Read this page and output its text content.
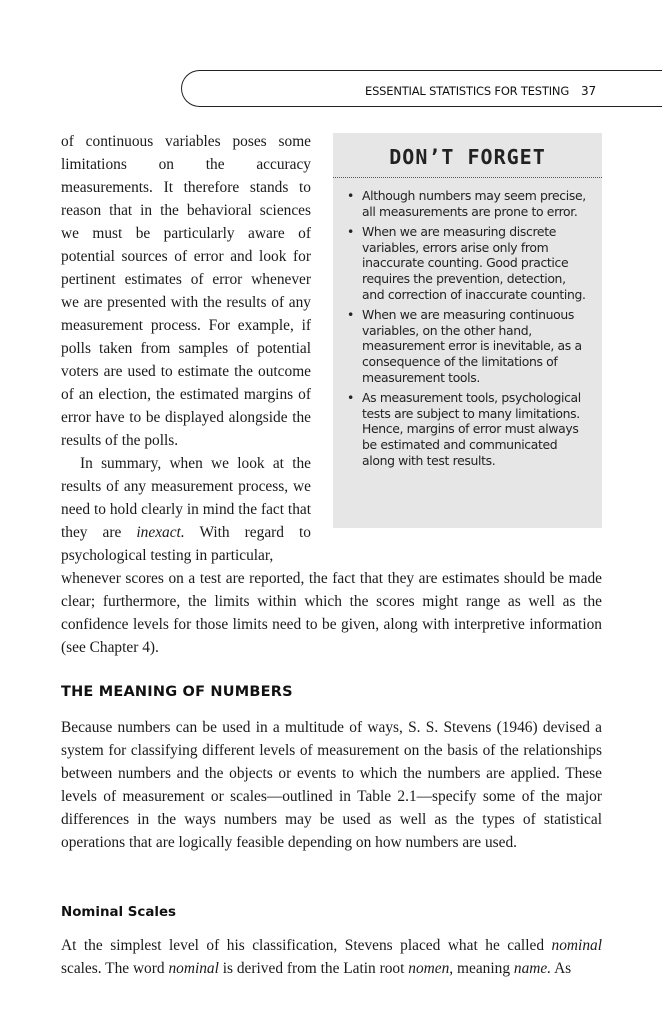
ESSENTIAL STATISTICS FOR TESTING 37

of continuous variables poses some limitations on the accuracy measurements. It therefore stands to reason that in the behavioral sciences we must be particularly aware of potential sources of error and look for pertinent estimates of error whenever we are presented with the results of any measurement process. For example, if polls taken from samples of potential voters are used to estimate the outcome of an election, the estimated margins of error have to be displayed alongside the results of the polls.

In summary, when we look at the results of any measurement process, we need to hold clearly in mind the fact that they are inexact. With regard to psychological testing in particular,

whenever scores on a test are reported, the fact that they are estimates should be made clear; furthermore, the limits within which the scores might range as well as the confidence levels for those limits need to be given, along with interpretive information (see Chapter 4).

DON’T FORGET
• Although numbers may seem precise, all measurements are prone to error.
• When we are measuring discrete variables, errors arise only from inaccurate counting. Good practice requires the prevention, detection, and correction of inaccurate counting.
• When we are measuring continuous variables, on the other hand, measurement error is inevitable, as a consequence of the limitations of measurement tools.
• As measurement tools, psychological tests are subject to many limitations. Hence, margins of error must always be estimated and communicated along with test results.
THE MEANING OF NUMBERS

Because numbers can be used in a multitude of ways, S. S. Stevens (1946) devised a system for classifying different levels of measurement on the basis of the relationships between numbers and the objects or events to which the numbers are applied. These levels of measurement or scales—outlined in Table 2.1—specify some of the major differences in the ways numbers may be used as well as the types of statistical operations that are logically feasible depending on how numbers are used.

Nominal Scales

At the simplest level of his classification, Stevens placed what he called nominal scales. The word nominal is derived from the Latin root nomen, meaning name. As
